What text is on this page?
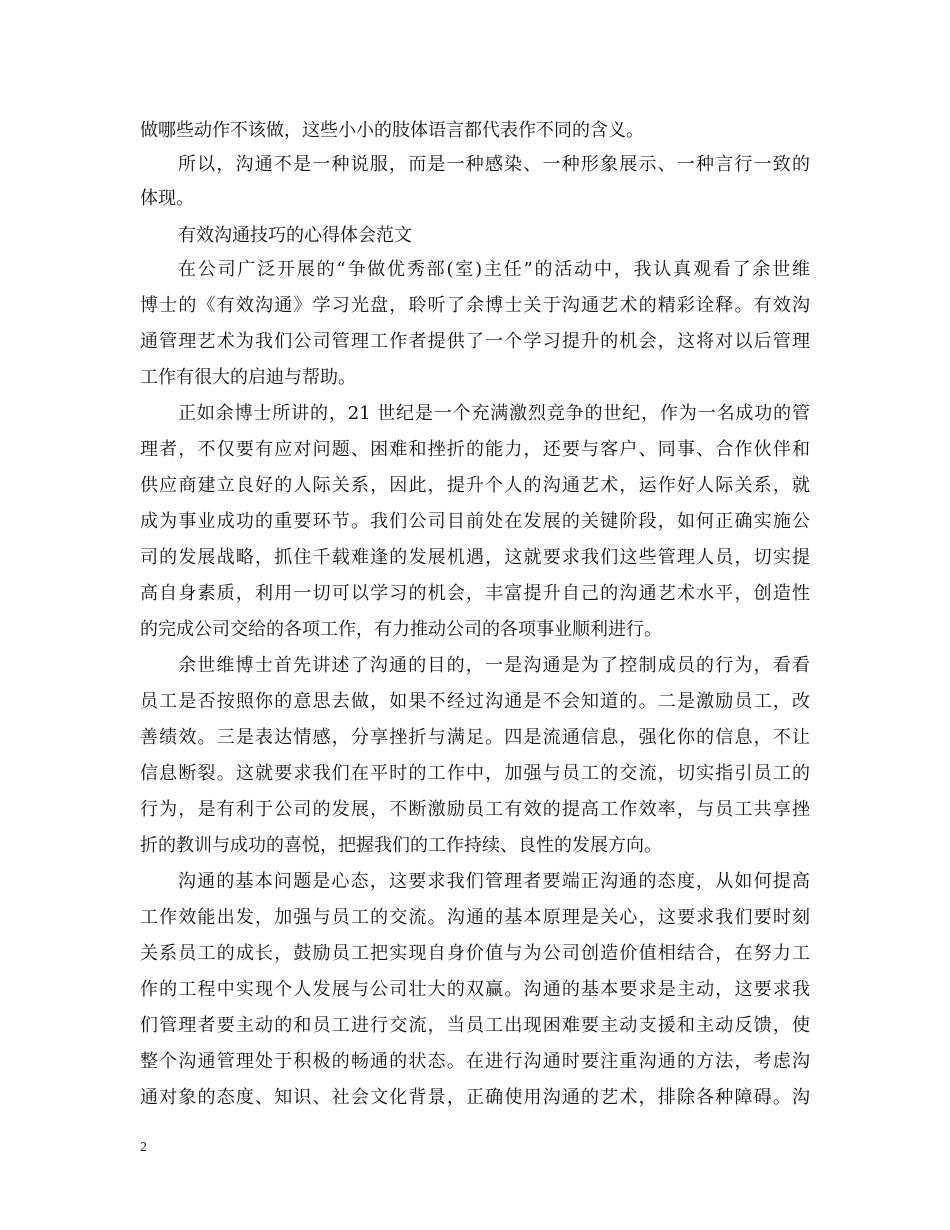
做哪些动作不该做，这些小小的肢体语言都代表作不同的含义。
所以，沟通不是一种说服，而是一种感染、一种形象展示、一种言行一致的
体现。
有效沟通技巧的心得体会范文
在公司广泛开展的“争做优秀部(室)主任”的活动中，我认真观看了余世维
博士的《有效沟通》学习光盘，聆听了余博士关于沟通艺术的精彩诠释。有效沟
通管理艺术为我们公司管理工作者提供了一个学习提升的机会，这将对以后管理
工作有很大的启迪与帮助。
正如余博士所讲的，21 世纪是一个充满激烈竞争的世纪，作为一名成功的管
理者，不仅要有应对问题、困难和挫折的能力，还要与客户、同事、合作伙伴和
供应商建立良好的人际关系，因此，提升个人的沟通艺术，运作好人际关系，就
成为事业成功的重要环节。我们公司目前处在发展的关键阶段，如何正确实施公
司的发展战略，抓住千载难逢的发展机遇，这就要求我们这些管理人员，切实提
高自身素质，利用一切可以学习的机会，丰富提升自己的沟通艺术水平，创造性
的完成公司交给的各项工作，有力推动公司的各项事业顺利进行。
余世维博士首先讲述了沟通的目的，一是沟通是为了控制成员的行为，看看
员工是否按照你的意思去做，如果不经过沟通是不会知道的。二是激励员工，改
善绩效。三是表达情感，分享挫折与满足。四是流通信息，强化你的信息，不让
信息断裂。这就要求我们在平时的工作中，加强与员工的交流，切实指引员工的
行为，是有利于公司的发展，不断激励员工有效的提高工作效率，与员工共享挫
折的教训与成功的喜悦，把握我们的工作持续、良性的发展方向。
沟通的基本问题是心态，这要求我们管理者要端正沟通的态度，从如何提高
工作效能出发，加强与员工的交流。沟通的基本原理是关心，这要求我们要时刻
关系员工的成长，鼓励员工把实现自身价值与为公司创造价值相结合，在努力工
作的工程中实现个人发展与公司壮大的双赢。沟通的基本要求是主动，这要求我
们管理者要主动的和员工进行交流，当员工出现困难要主动支援和主动反馈，使
整个沟通管理处于积极的畅通的状态。在进行沟通时要注重沟通的方法，考虑沟
通对象的态度、知识、社会文化背景，正确使用沟通的艺术，排除各种障碍。沟
2
